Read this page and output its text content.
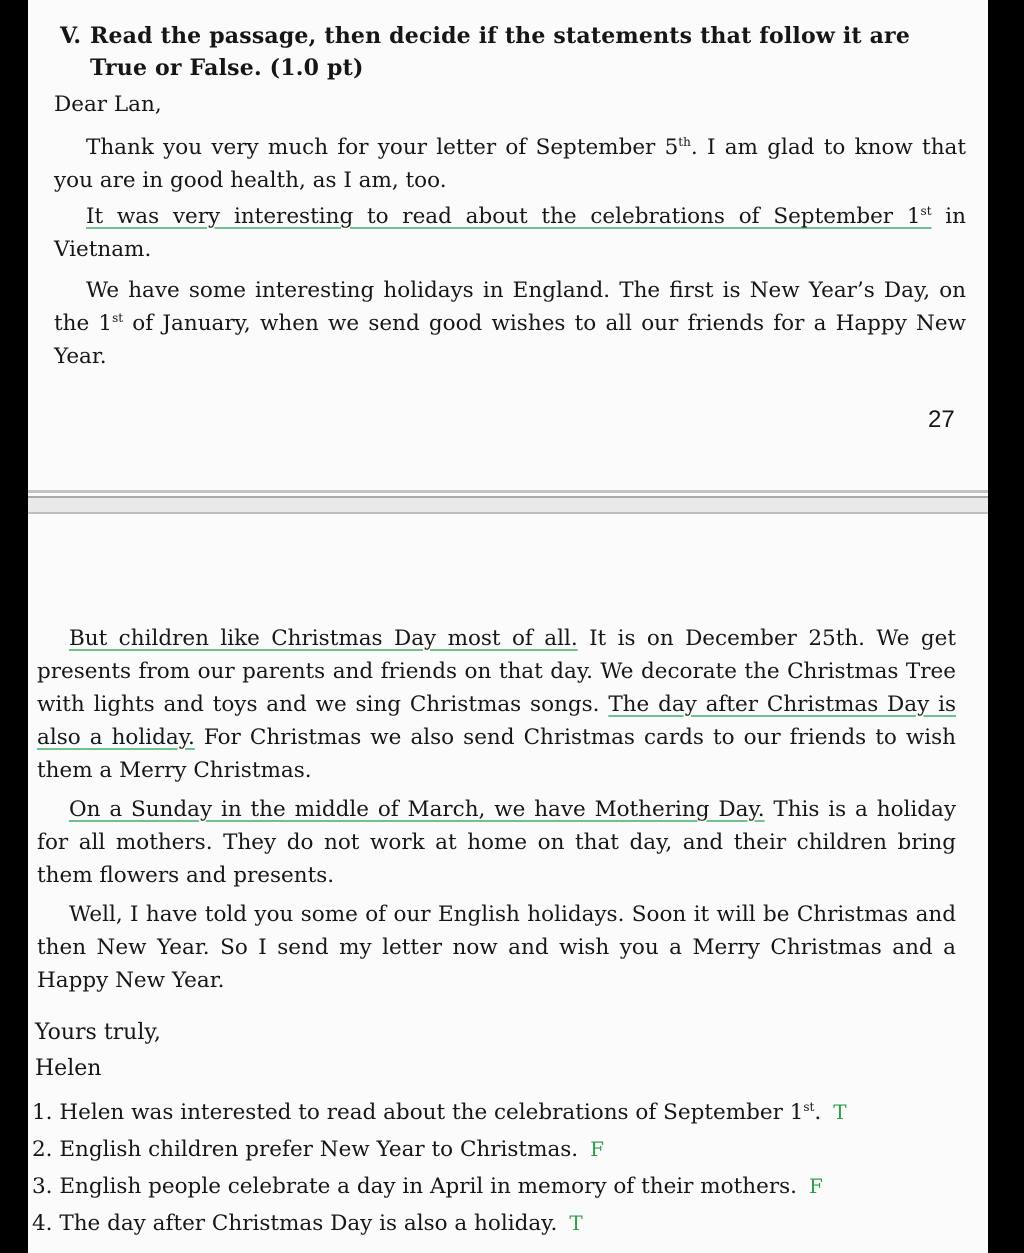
V. Read the passage, then decide if the statements that follow it are
True or False. (1.0 pt)

Dear Lan,

Thank you very much for your letter of September 5th. I am glad to know that you are in good health, as I am, too.

It was very interesting to read about the celebrations of September 1st in Vietnam.

We have some interesting holidays in England. The first is New Year’s Day, on the 1st of January, when we send good wishes to all our friends for a Happy New Year.

27

But children like Christmas Day most of all. It is on December 25th. We get presents from our parents and friends on that day. We decorate the Christmas Tree with lights and toys and we sing Christmas songs. The day after Christmas Day is also a holiday. For Christmas we also send Christmas cards to our friends to wish them a Merry Christmas.

On a Sunday in the middle of March, we have Mothering Day. This is a holiday for all mothers. They do not work at home on that day, and their children bring them flowers and presents.

Well, I have told you some of our English holidays. Soon it will be Christmas and then New Year. So I send my letter now and wish you a Merry Christmas and a Happy New Year.

Yours truly,
Helen
1. Helen was interested to read about the celebrations of September 1st. T
2. English children prefer New Year to Christmas. F
3. English people celebrate a day in April in memory of their mothers. F
4. The day after Christmas Day is also a holiday. T
